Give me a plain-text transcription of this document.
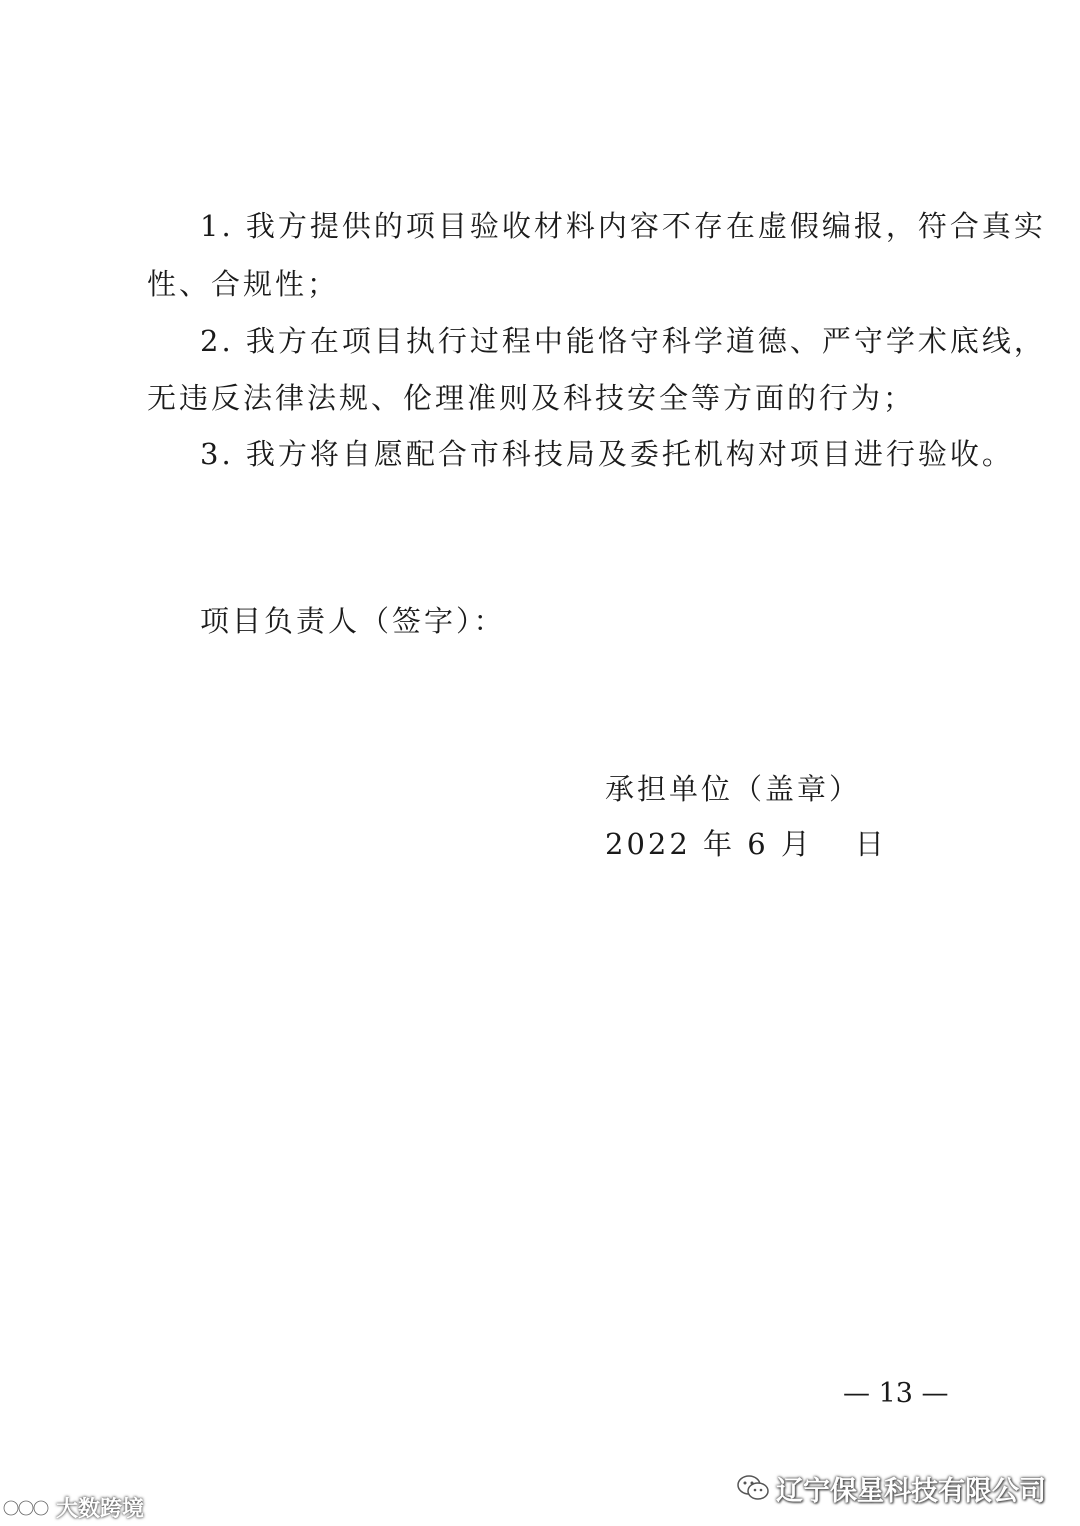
1. 我方提供的项目验收材料内容不存在虚假编报，符合真实
性、合规性；
2. 我方在项目执行过程中能恪守科学道德、严守学术底线，
无违反法律法规、伦理准则及科技安全等方面的行为；
3. 我方将自愿配合市科技局及委托机构对项目进行验收。
项目负责人（签字）：
承担单位（盖章）
2022 年 6 月 日
— 13 —
辽宁保星科技有限公司
大数跨境
